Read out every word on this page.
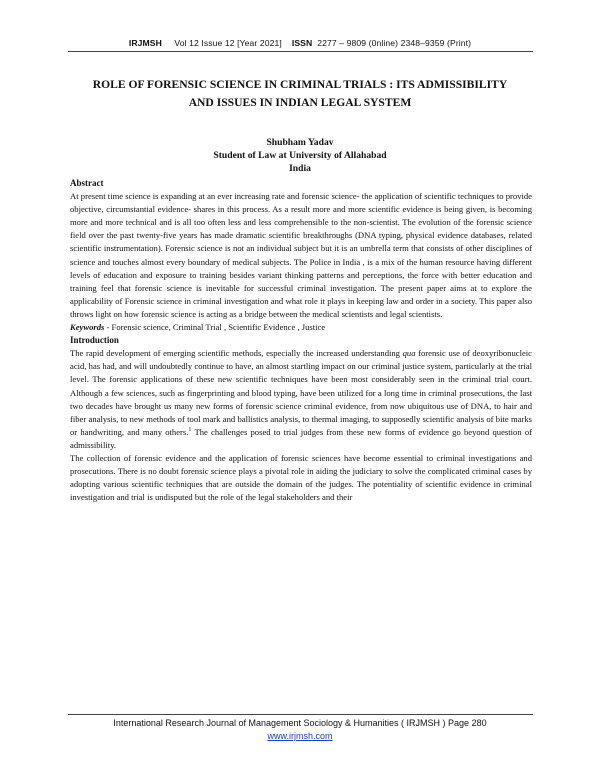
IRJMSH Vol 12 Issue 12 [Year 2021] ISSN 2277 – 9809 (0nline) 2348–9359 (Print)
ROLE OF FORENSIC SCIENCE IN CRIMINAL TRIALS : ITS ADMISSIBILITY
AND ISSUES IN INDIAN LEGAL SYSTEM
Shubham Yadav
Student of Law at University of Allahabad
India
Abstract

At present time science is expanding at an ever increasing rate and forensic science- the application of scientific techniques to provide objective, circumstantial evidence- shares in this process. As a result more and more scientific evidence is being given, is becoming more and more technical and is all too often less and less comprehensible to the non-scientist. The evolution of the forensic science field over the past twenty-five years has made dramatic scientific breakthroughs (DNA typing, physical evidence databases, related scientific instrumentation). Forensic science is not an individual subject but it is an umbrella term that consists of other disciplines of science and touches almost every boundary of medical subjects. The Police in India , is a mix of the human resource having different levels of education and exposure to training besides variant thinking patterns and perceptions, the force with better education and training feel that forensic science is inevitable for successful criminal investigation. The present paper aims at to explore the applicability of Forensic science in criminal investigation and what role it plays in keeping law and order in a society. This paper also throws light on how forensic science is acting as a bridge between the medical scientists and legal scientists.

Keywords - Forensic science, Criminal Trial , Scientific Evidence , Justice

Introduction

The rapid development of emerging scientific methods, especially the increased understanding qua forensic use of deoxyribonucleic acid, has had, and will undoubtedly continue to have, an almost startling impact on our criminal justice system, particularly at the trial level. The forensic applications of these new scientific techniques have been most considerably seen in the criminal trial court. Although a few sciences, such as fingerprinting and blood typing, have been utilized for a long time in criminal prosecutions, the last two decades have brought us many new forms of forensic science criminal evidence, from now ubiquitous use of DNA, to hair and fiber analysis, to new methods of tool mark and ballistics analysis, to thermal imaging, to supposedly scientific analysis of bite marks or handwriting, and many others.$^1$ The challenges posed to trial judges from these new forms of evidence go beyond question of admissibility.

The collection of forensic evidence and the application of forensic sciences have become essential to criminal investigations and prosecutions. There is no doubt forensic science plays a pivotal role in aiding the judiciary to solve the complicated criminal cases by adopting various scientific techniques that are outside the domain of the judges. The potentiality of scientific evidence in criminal investigation and trial is undisputed but the role of the legal stakeholders and their

International Research Journal of Management Sociology & Humanities ( IRJMSH ) Page 280
www.irjmsh.com
